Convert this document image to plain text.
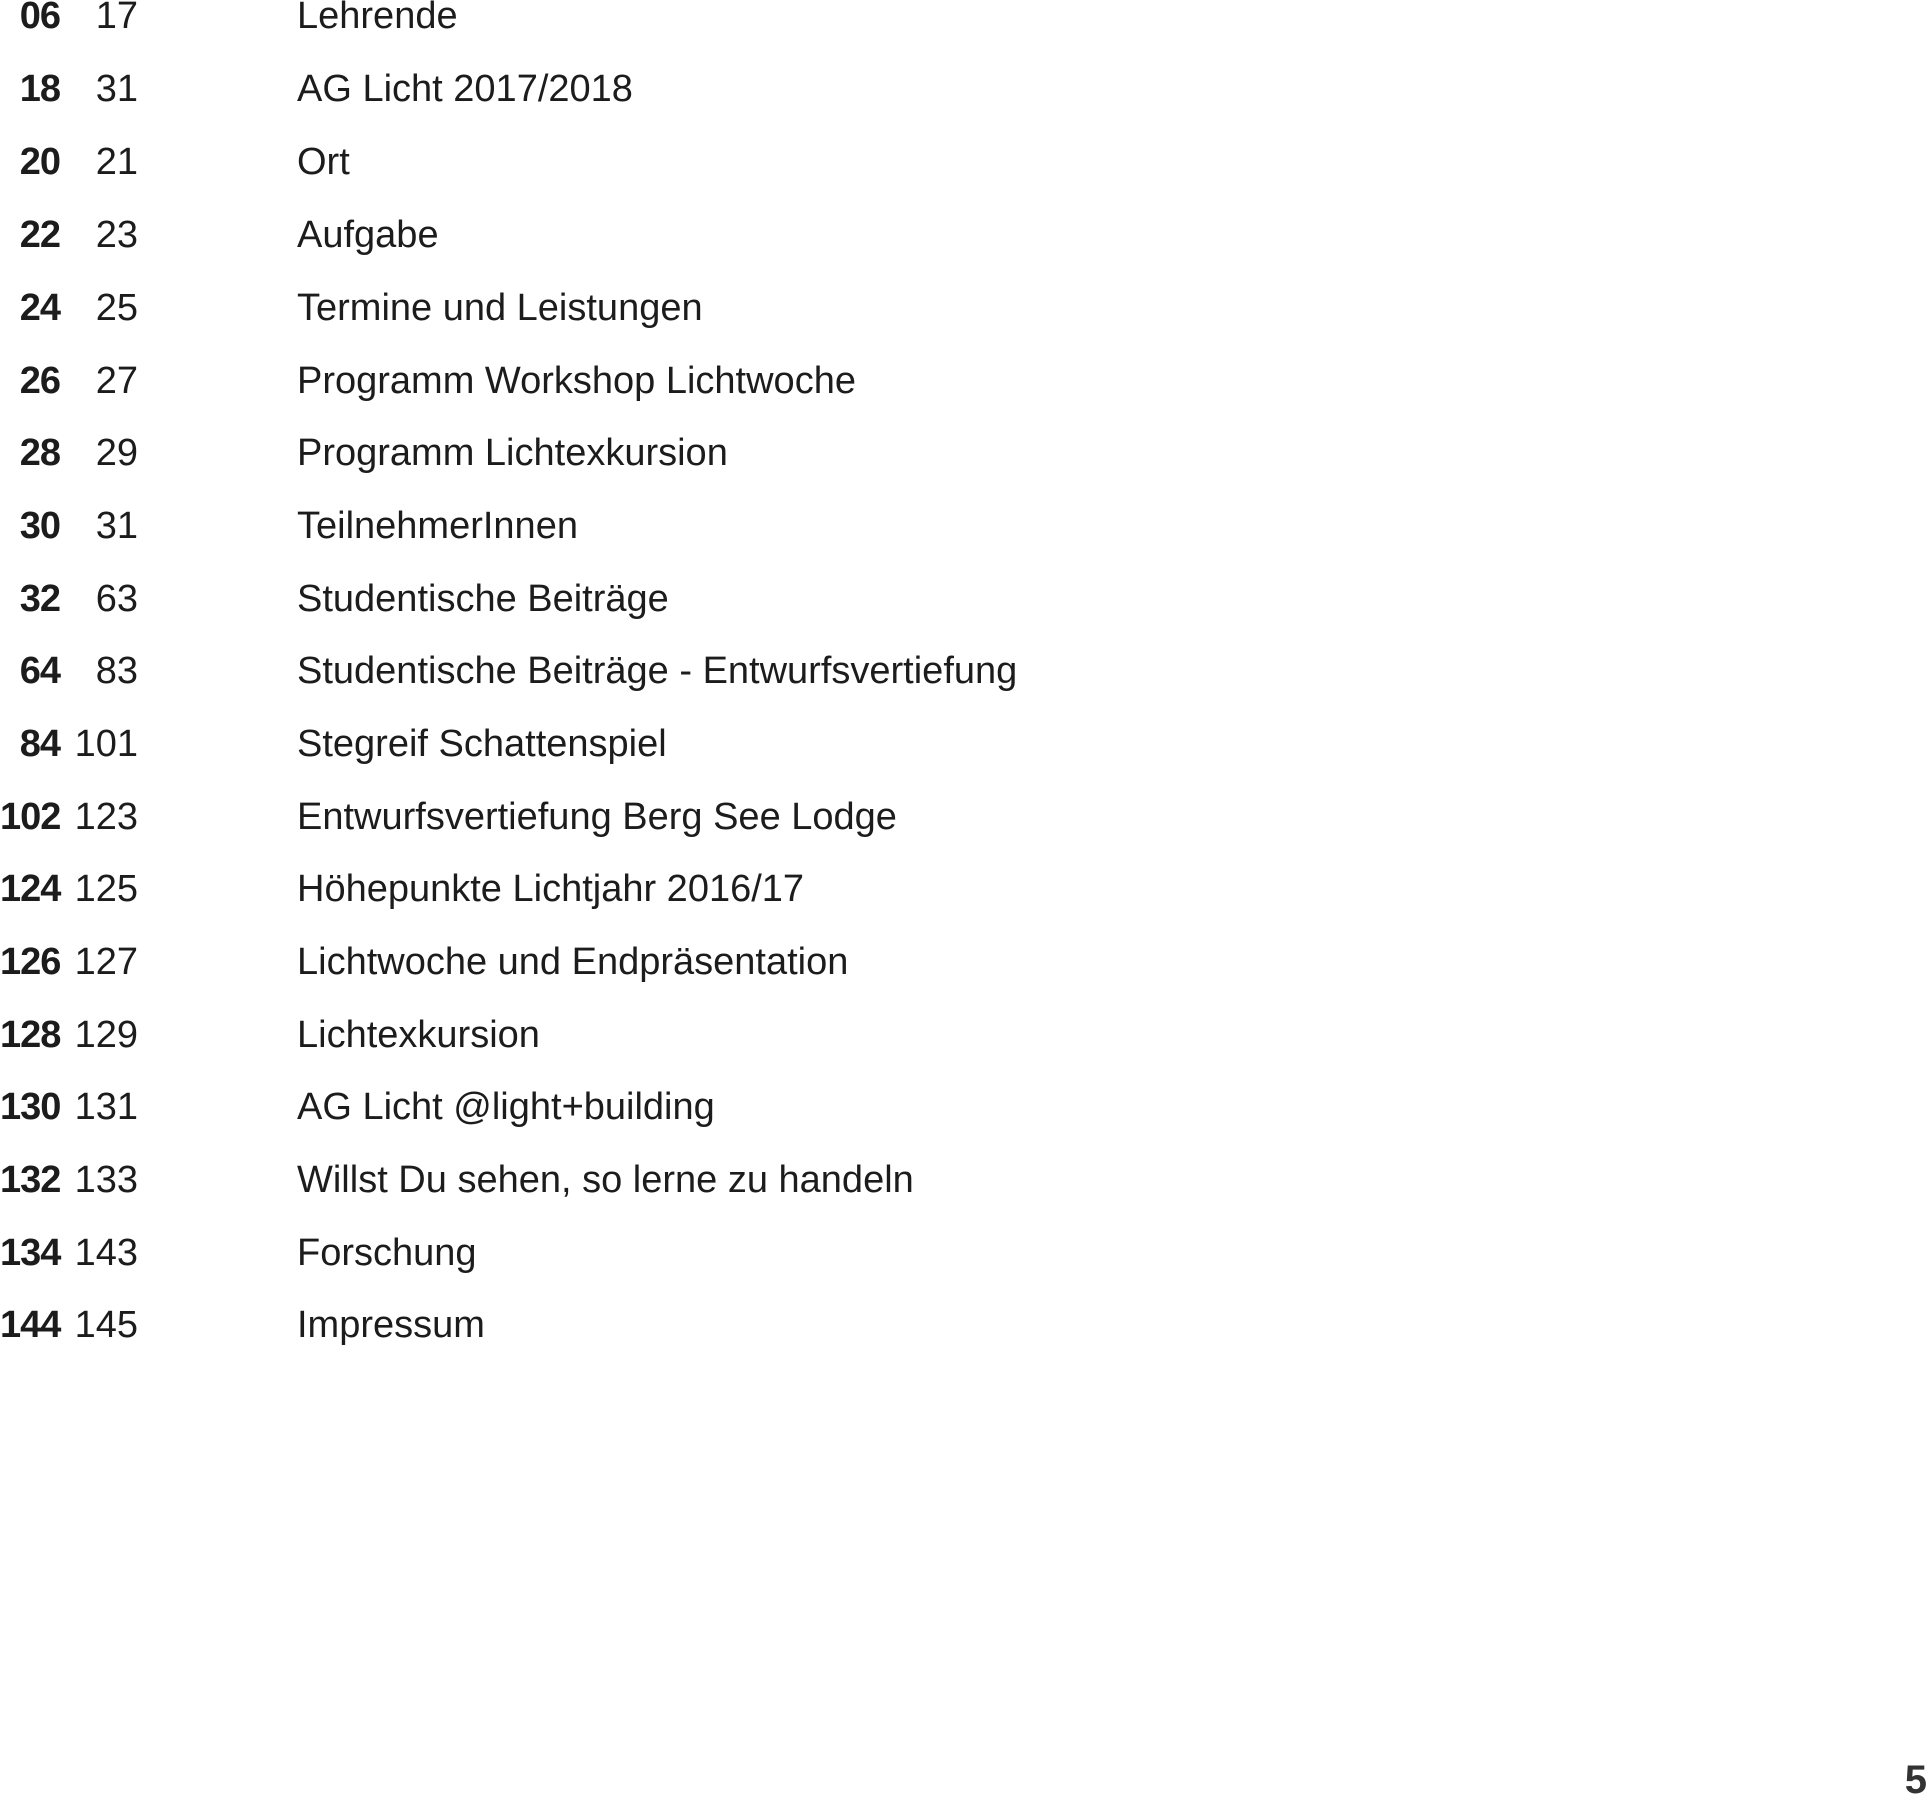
06 17	Lehrende
18 31	AG Licht 2017/2018
20 21	Ort
22 23	Aufgabe
24 25	Termine und Leistungen
26 27	Programm Workshop Lichtwoche
28 29	Programm Lichtexkursion
30 31	TeilnehmerInnen
32 63	Studentische Beiträge
64 83	Studentische Beiträge - Entwurfsvertiefung
84 101	Stegreif Schattenspiel
102 123	Entwurfsvertiefung Berg See Lodge
124 125	Höhepunkte Lichtjahr 2016/17
126 127	Lichtwoche und Endpräsentation
128 129	Lichtexkursion
130 131	AG Licht @light+building
132 133	Willst Du sehen, so lerne zu handeln
134 143	Forschung
144 145	Impressum
5
